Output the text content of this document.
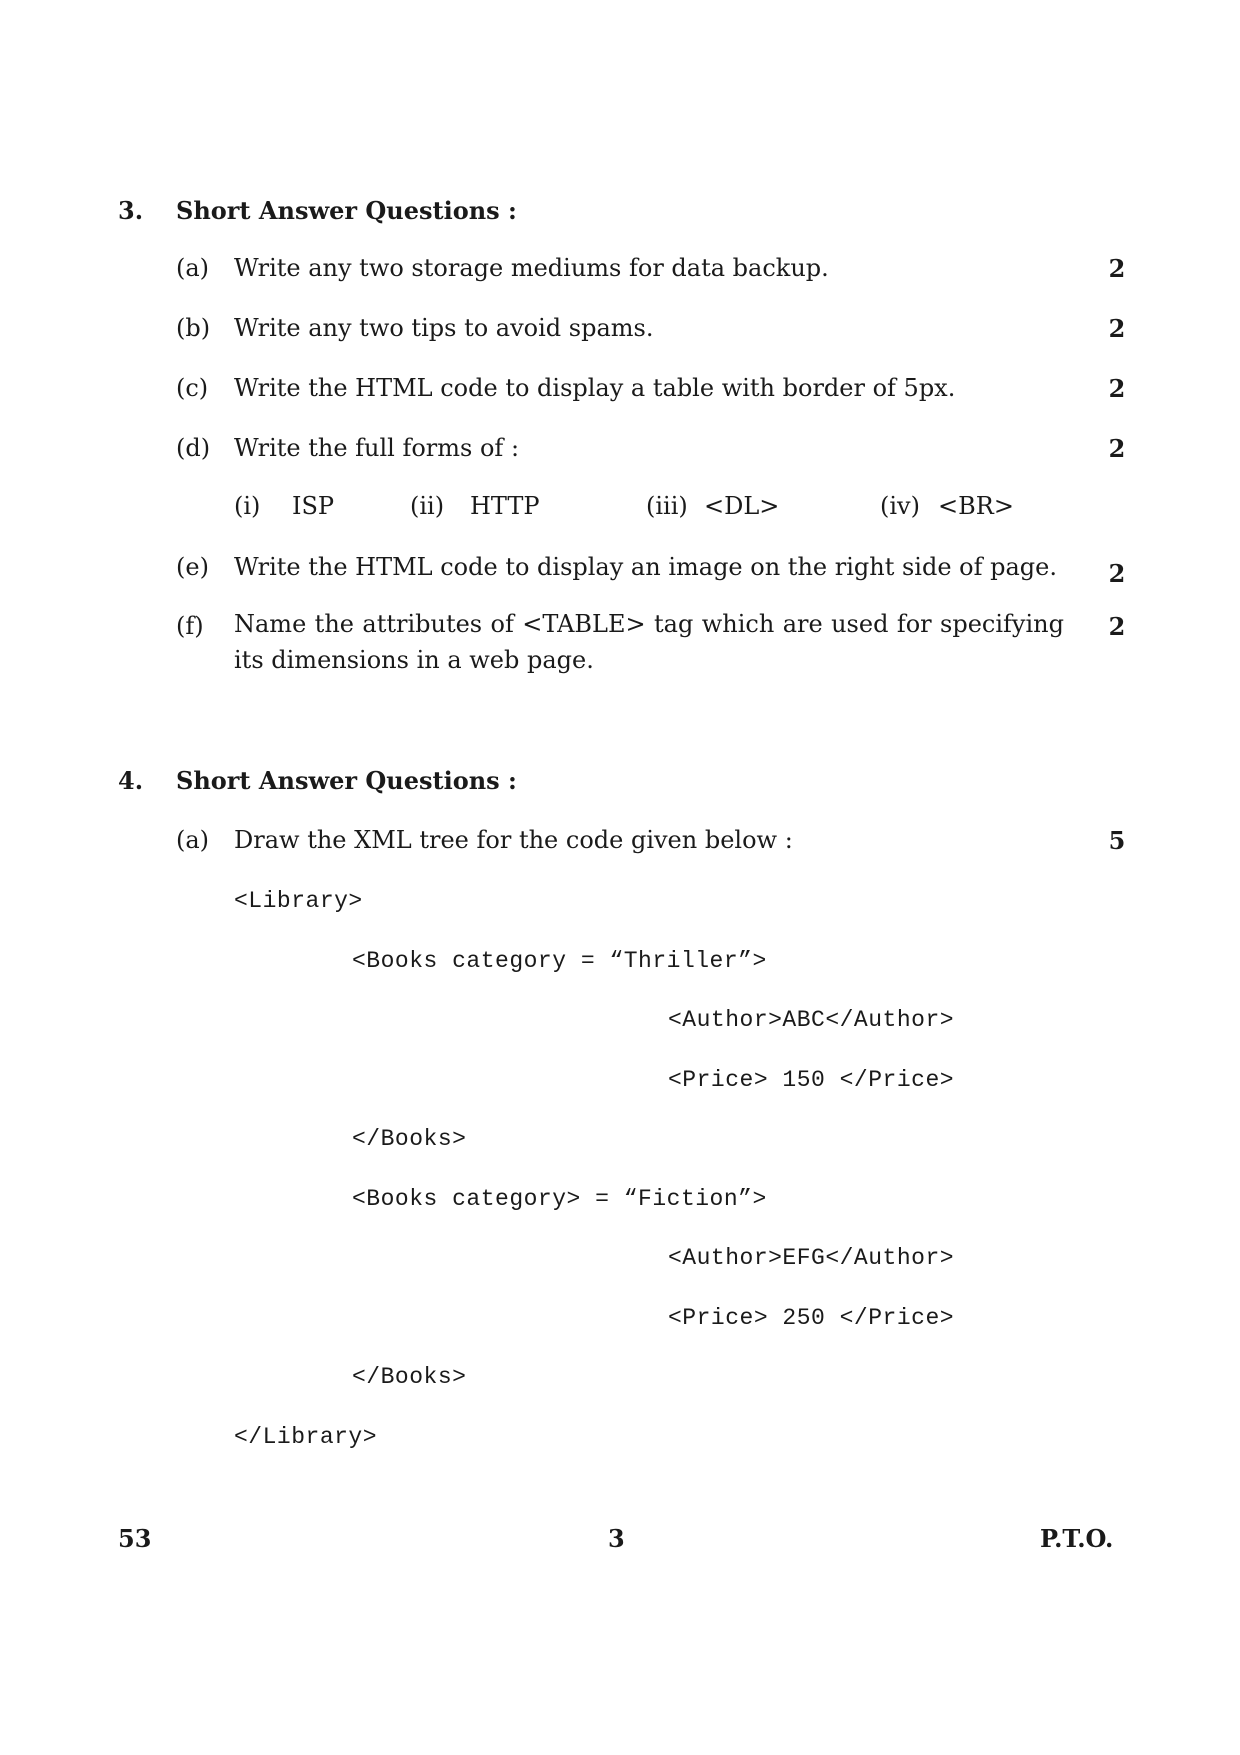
3. Short Answer Questions :
(a) Write any two storage mediums for data backup.	2
(b) Write any two tips to avoid spams.	2
(c) Write the HTML code to display a table with border of 5px.	2
(d) Write the full forms of :	2
(i) ISP	(ii) HTTP	(iii) <DL>	(iv) <BR>
(e) Write the HTML code to display an image on the right side of page. 2
(f) Name the attributes of <TABLE> tag which are used for specifying its dimensions in a web page.
2
4. Short Answer Questions :
(a) Draw the XML tree for the code given below :	5
<Library>
<Books category = “Thriller”>
<Author>ABC</Author>
<Price> 150 </Price>
</Books>
<Books category> = “Fiction”>
<Author>EFG</Author>
<Price> 250 </Price>
</Books>
</Library>
53	3	P.T.O.
